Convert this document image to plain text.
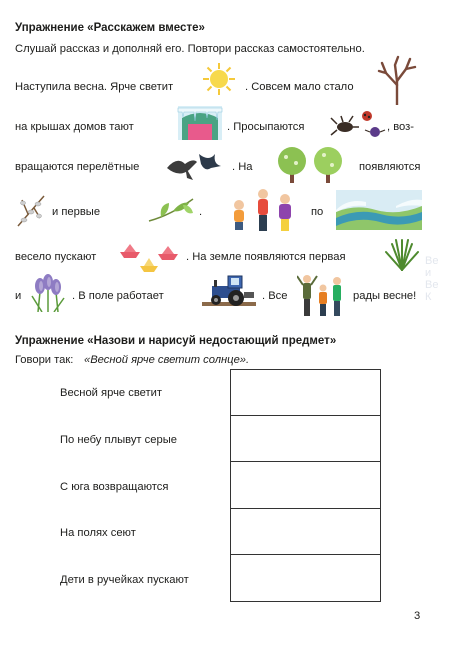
Ве
и
Ве
К
Упражнение «Расскажем вместе»
Слушай рассказ и дополняй его. Повтори рассказ самостоятельно.
Наступила весна. Ярче светит	. Совсем мало стало
на крышах домов тают	. Просыпаются	, воз-
вращаются перелётные	. На	появляются
и первые	.	по
весело пускают	. На земле появляются первая
и	. В поле работает	. Все	рады весне!
Упражнение «Назови и нарисуй недостающий предмет»
Говори так: «Весной ярче светит солнце».
Весной ярче светит
По небу плывут серые
С юга возвращаются
На полях сеют
Дети в ручейках пускают
3
